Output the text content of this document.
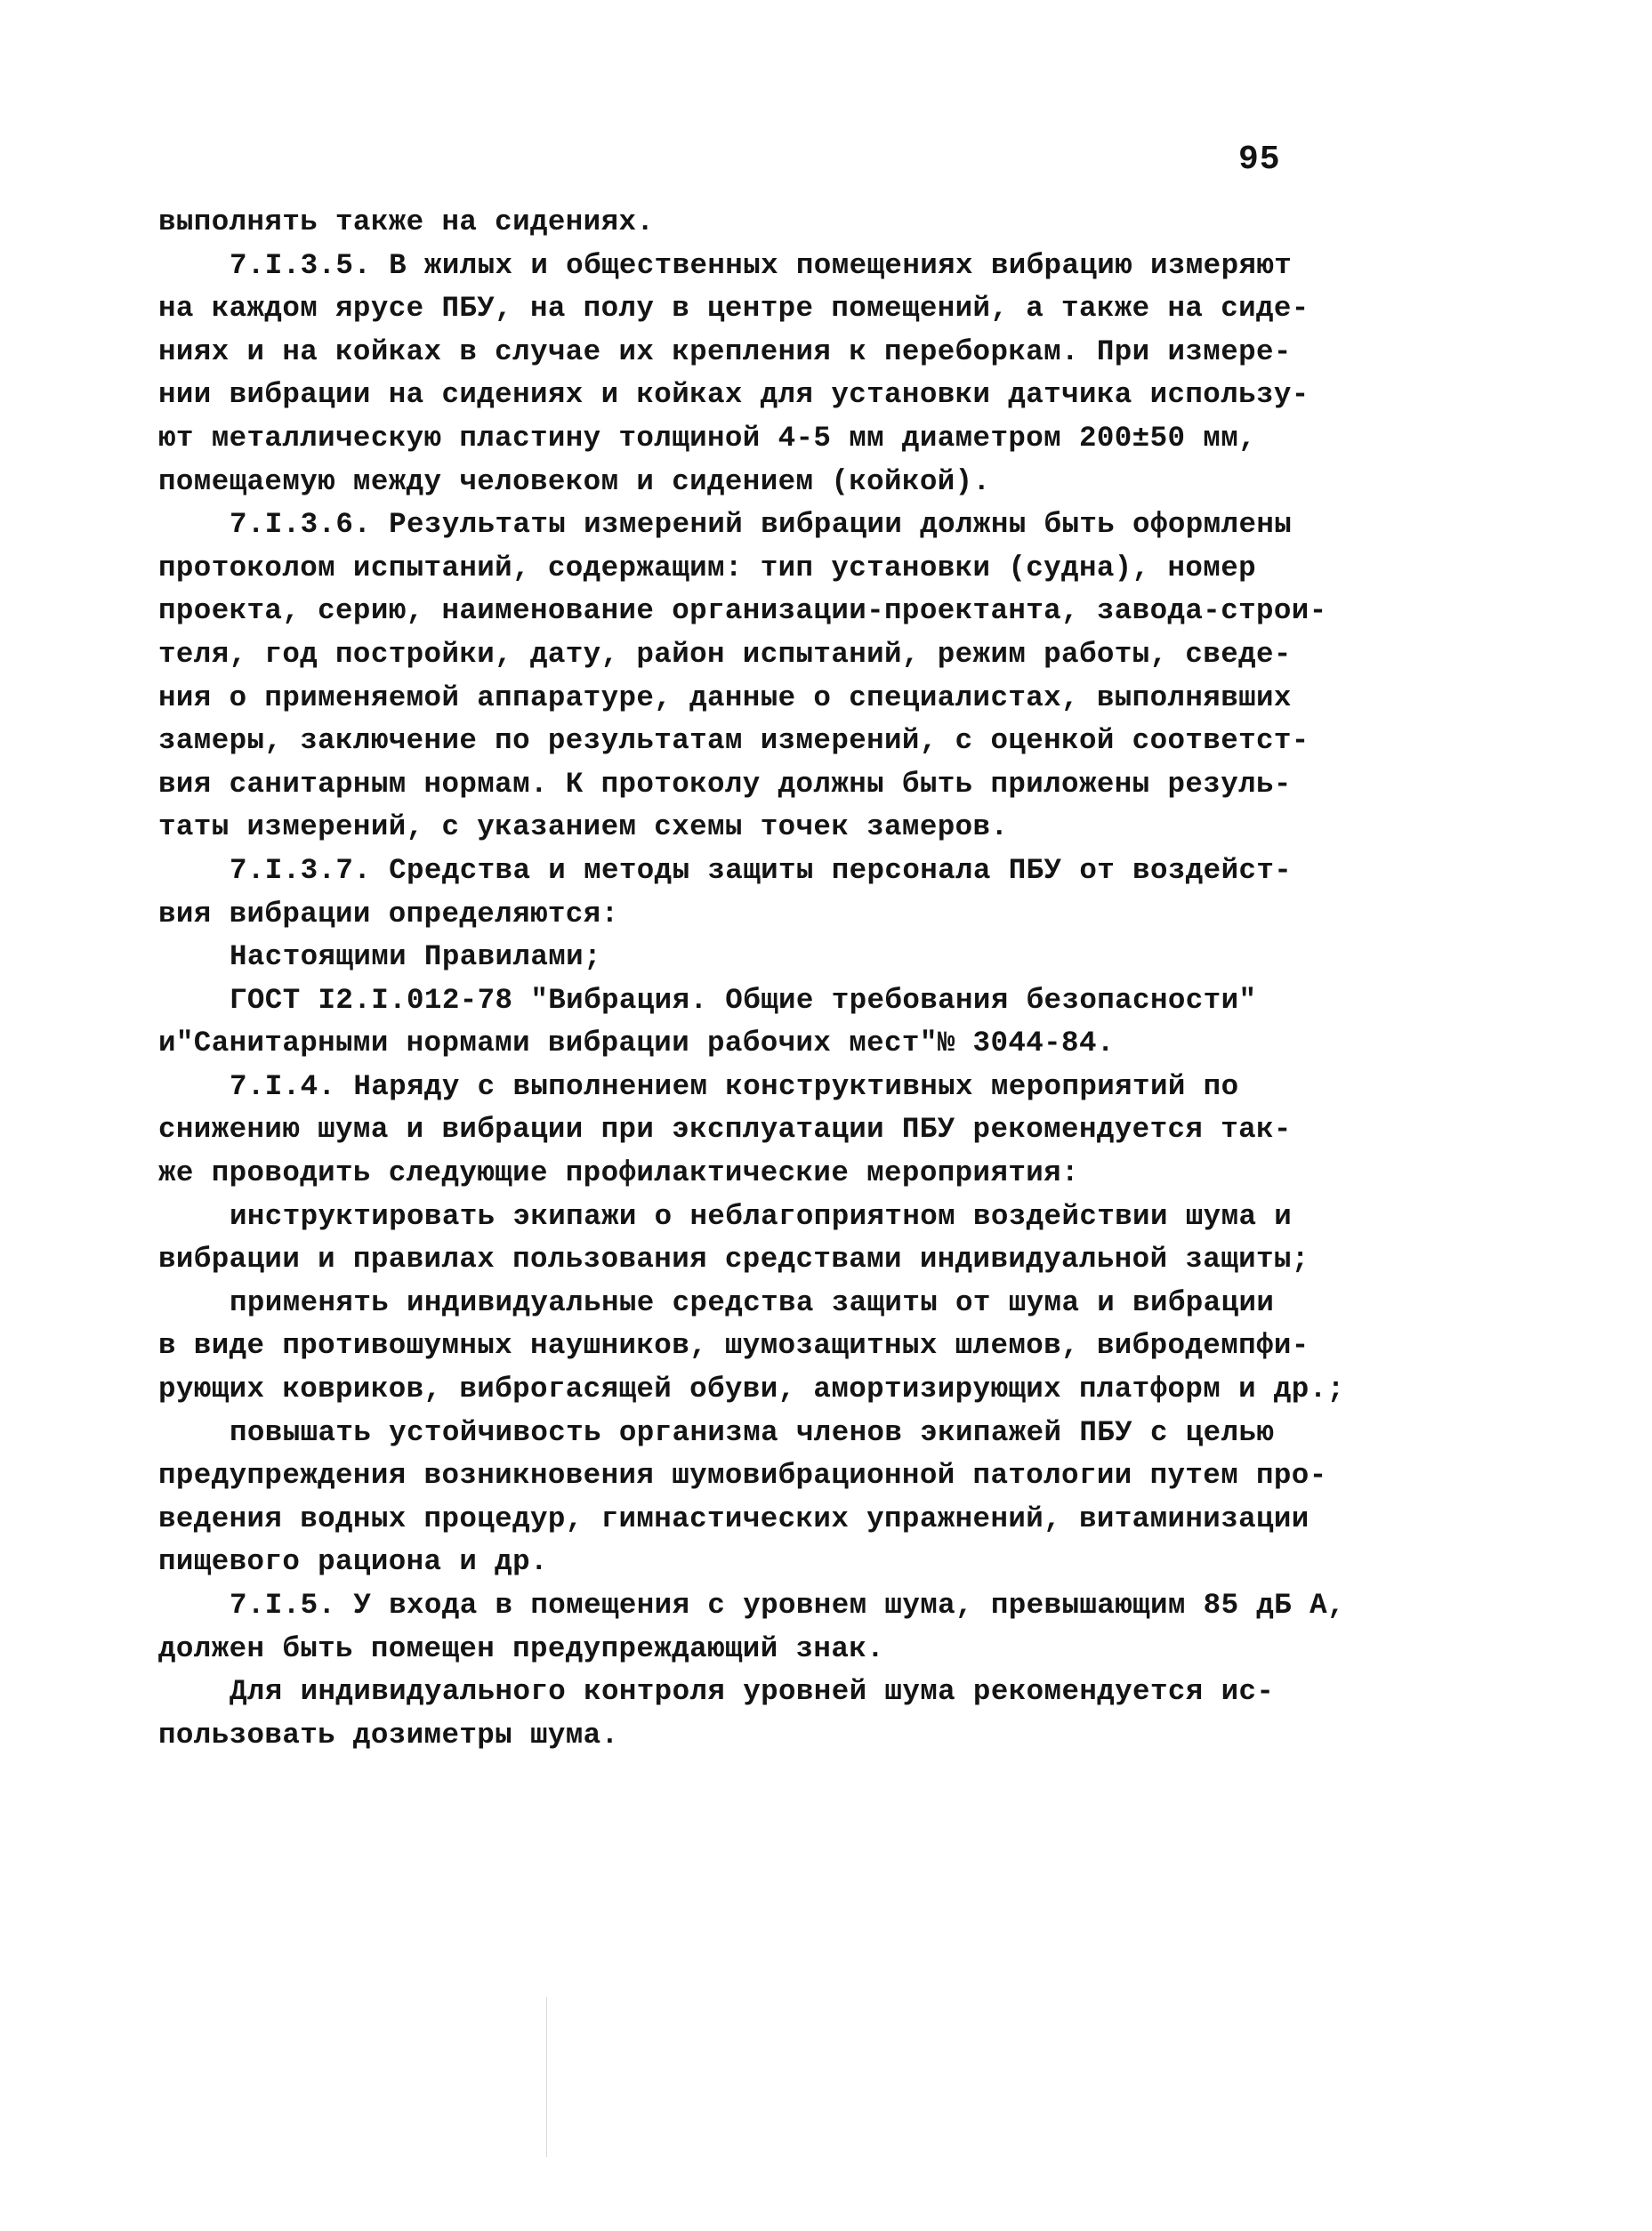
95
выполнять также на сидениях.
7.I.3.5. В жилых и общественных помещениях вибрацию измеряют
на каждом ярусе ПБУ, на полу в центре помещений, а также на сиде-
ниях и на койках в случае их крепления к переборкам. При измере-
нии вибрации на сидениях и койках для установки датчика использу-
ют металлическую пластину толщиной 4-5 мм диаметром 200±50 мм,
помещаемую между человеком и сидением (койкой).
7.I.3.6. Результаты измерений вибрации должны быть оформлены
протоколом испытаний, содержащим: тип установки (судна), номер
проекта, серию, наименование организации-проектанта, завода-строи-
теля, год постройки, дату, район испытаний, режим работы, сведе-
ния о применяемой аппаратуре, данные о специалистах, выполнявших
замеры, заключение по результатам измерений, с оценкой соответст-
вия санитарным нормам. К протоколу должны быть приложены резуль-
таты измерений, с указанием схемы точек замеров.
7.I.3.7. Средства и методы защиты персонала ПБУ от воздейст-
вия вибрации определяются:
Настоящими Правилами;
ГОСТ I2.I.012-78 "Вибрация. Общие требования безопасности"
и"Санитарными нормами вибрации рабочих мест"№ 3044-84.
7.I.4. Наряду с выполнением конструктивных мероприятий по
снижению шума и вибрации при эксплуатации ПБУ рекомендуется так-
же проводить следующие профилактические мероприятия:
инструктировать экипажи о неблагоприятном воздействии шума и
вибрации и правилах пользования средствами индивидуальной защиты;
применять индивидуальные средства защиты от шума и вибрации
в виде противошумных наушников, шумозащитных шлемов, вибродемпфи-
рующих ковриков, виброгасящей обуви, амортизирующих платформ и др.;
повышать устойчивость организма членов экипажей ПБУ с целью
предупреждения возникновения шумовибрационной патологии путем про-
ведения водных процедур, гимнастических упражнений, витаминизации
пищевого рациона и др.
7.I.5. У входа в помещения с уровнем шума, превышающим 85 дБ А,
должен быть помещен предупреждающий знак.
Для индивидуального контроля уровней шума рекомендуется ис-
пользовать дозиметры шума.
